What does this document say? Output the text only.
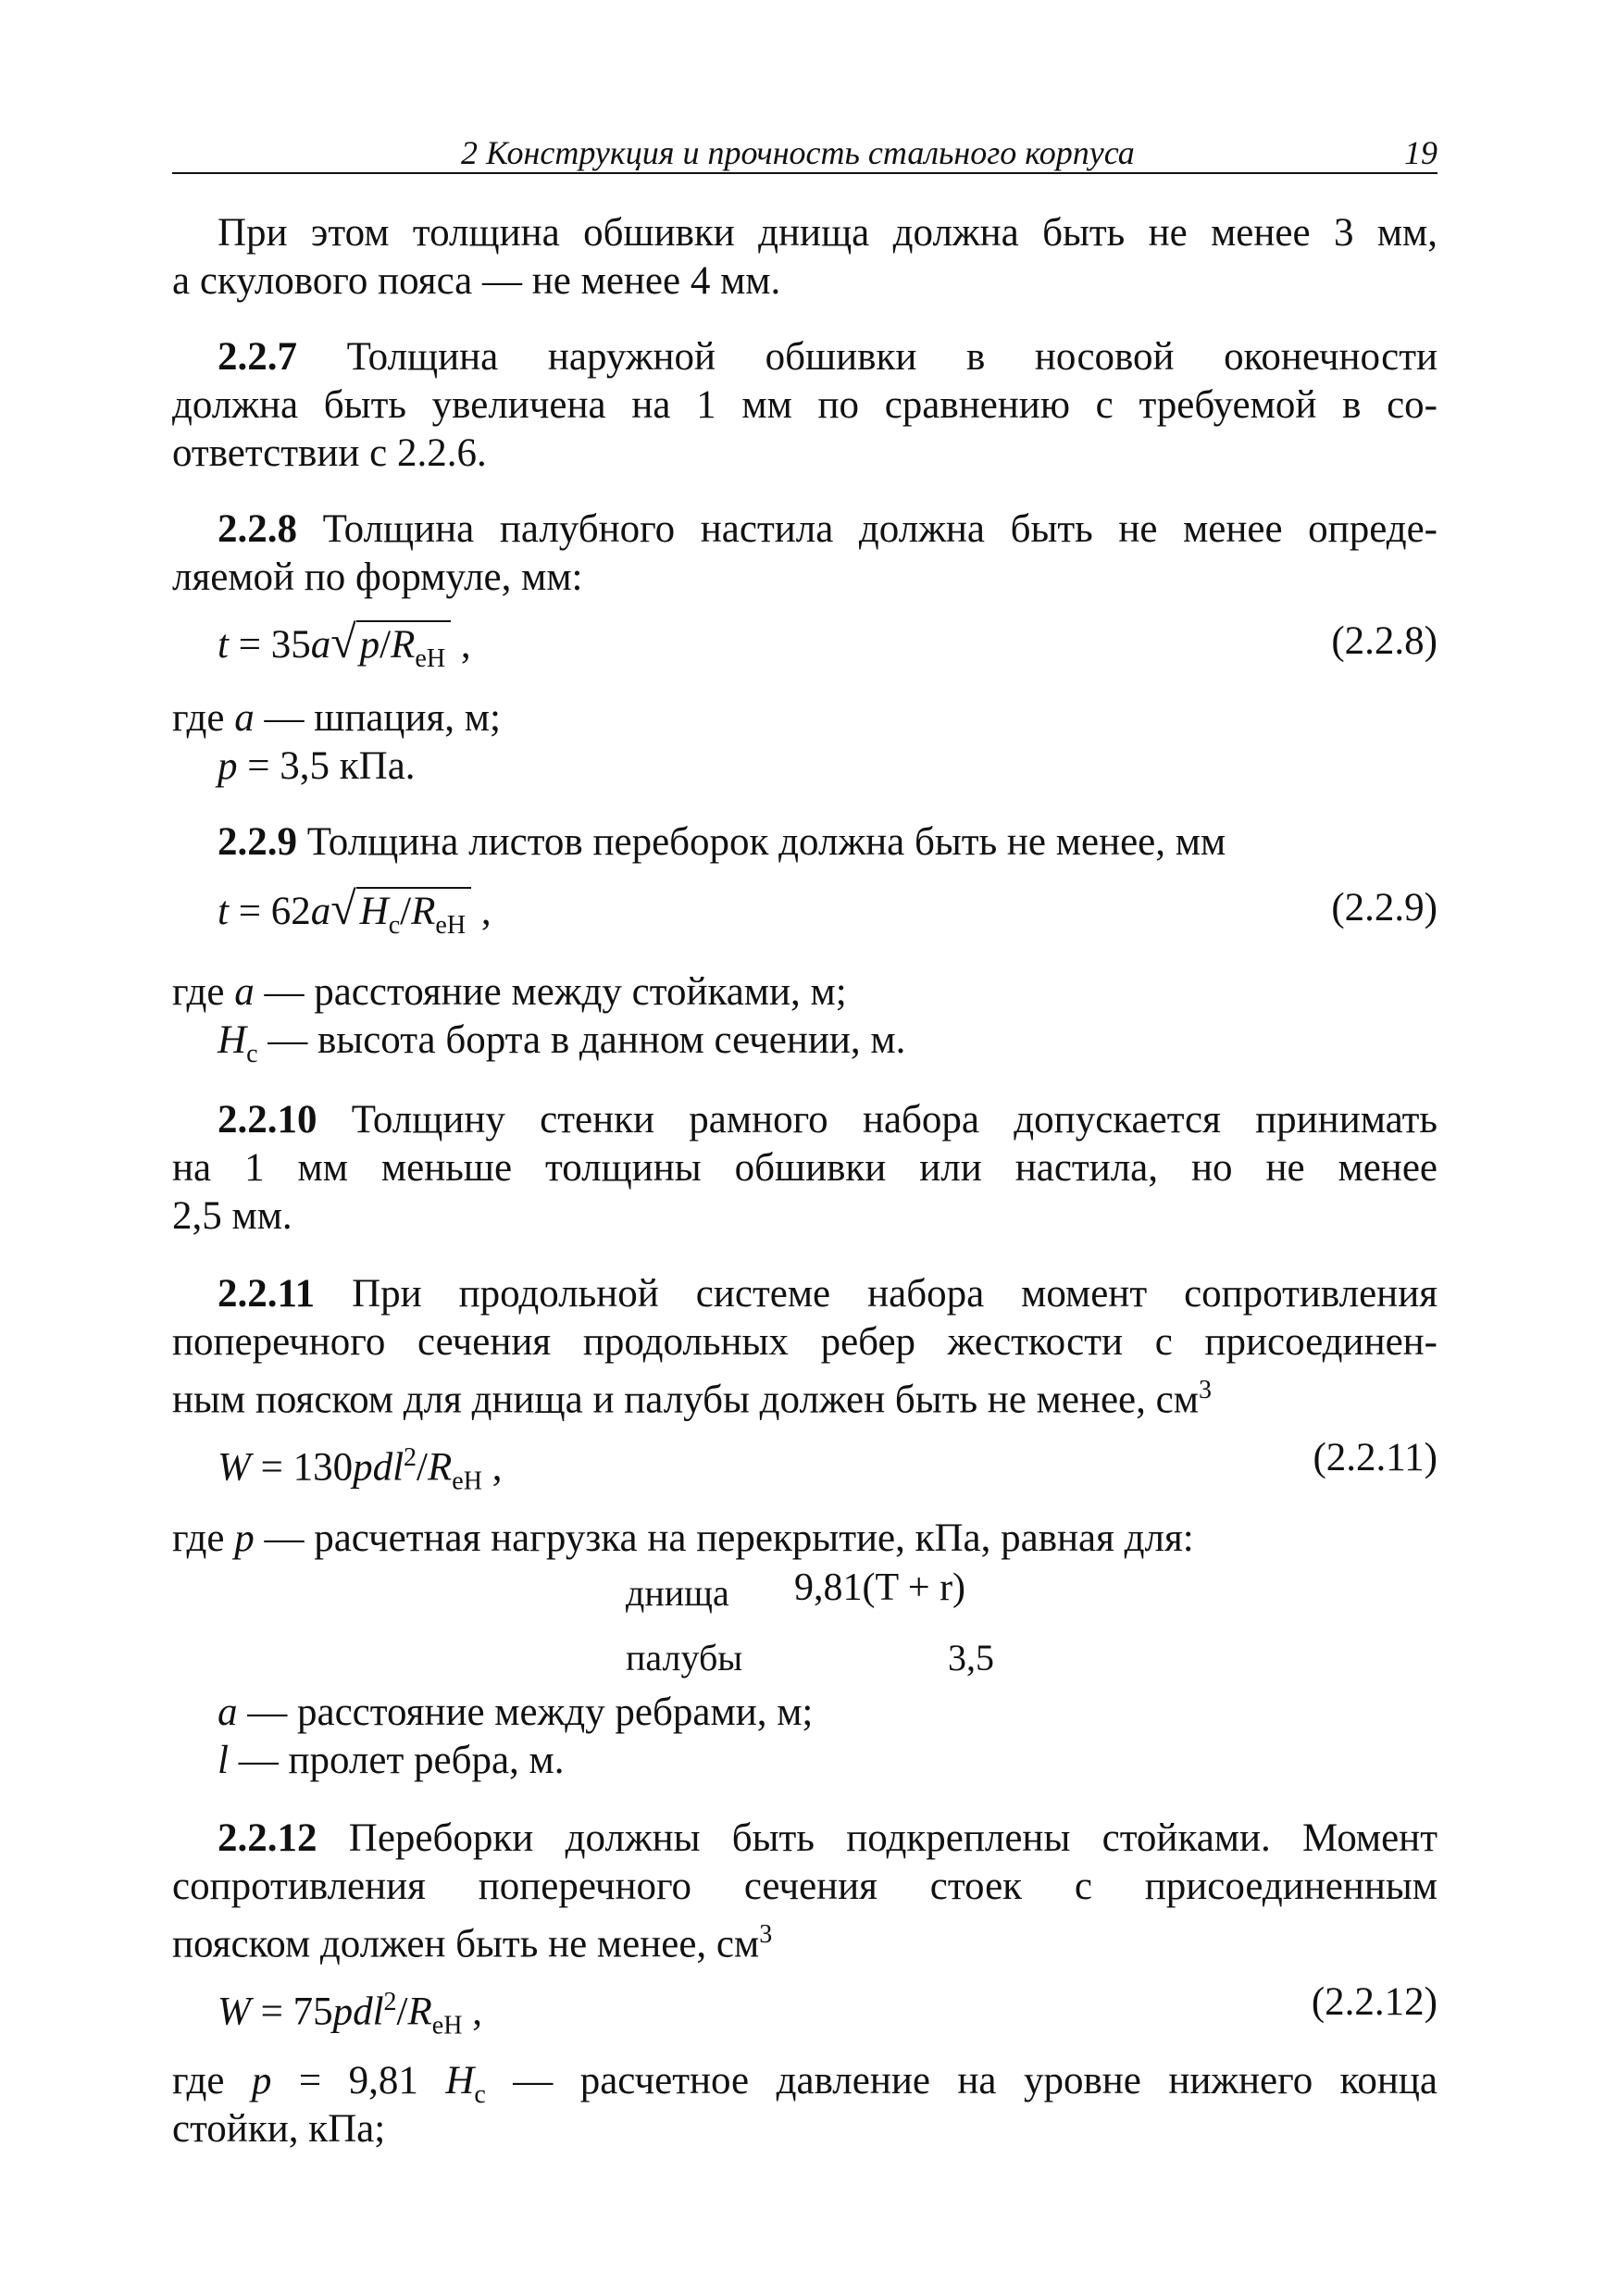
2 Конструкция и прочность стального корпуса	19
При этом толщина обшивки днища должна быть не менее 3 мм,
а скулового пояса — не менее 4 мм.
2.2.7 Толщина наружной обшивки в носовой оконечности
должна быть увеличена на 1 мм по сравнению с требуемой в со-
ответствии с 2.2.6.
2.2.8 Толщина палубного настила должна быть не менее опреде-
ляемой по формуле, мм:
$t = 35a√p/R_{eH}$ ,	(2.2.8)
где a — шпация, м;
p = 3,5 кПа.
2.2.9 Толщина листов переборок должна быть не менее, мм
$t = 62a√H_c/R_{eH}$ ,	(2.2.9)
где a — расстояние между стойками, м;
$H_c$ — высота борта в данном сечении, м.
2.2.10 Толщину стенки рамного набора допускается принимать
на 1 мм меньше толщины обшивки или настила, но не менее
2,5 мм.
2.2.11 При продольной системе набора момент сопротивления
поперечного сечения продольных ребер жесткости с присоединен-
ным пояском для днища и палубы должен быть не менее, $см^3$
$W = 130pdl^2/R_{eH}$ ,	(2.2.11)
где p — расчетная нагрузка на перекрытие, кПа, равная для:
днища 9,81(T + r)
палубы	3,5
a — расстояние между ребрами, м;
l — пролет ребра, м.
2.2.12 Переборки должны быть подкреплены стойками. Момент
сопротивления поперечного сечения стоек с присоединенным
пояском должен быть не менее, $см^3$
$W = 75pdl^2/R_{eH}$ ,	(2.2.12)
где p = 9,81 $H_c$ — расчетное давление на уровне нижнего конца
стойки, кПа;
